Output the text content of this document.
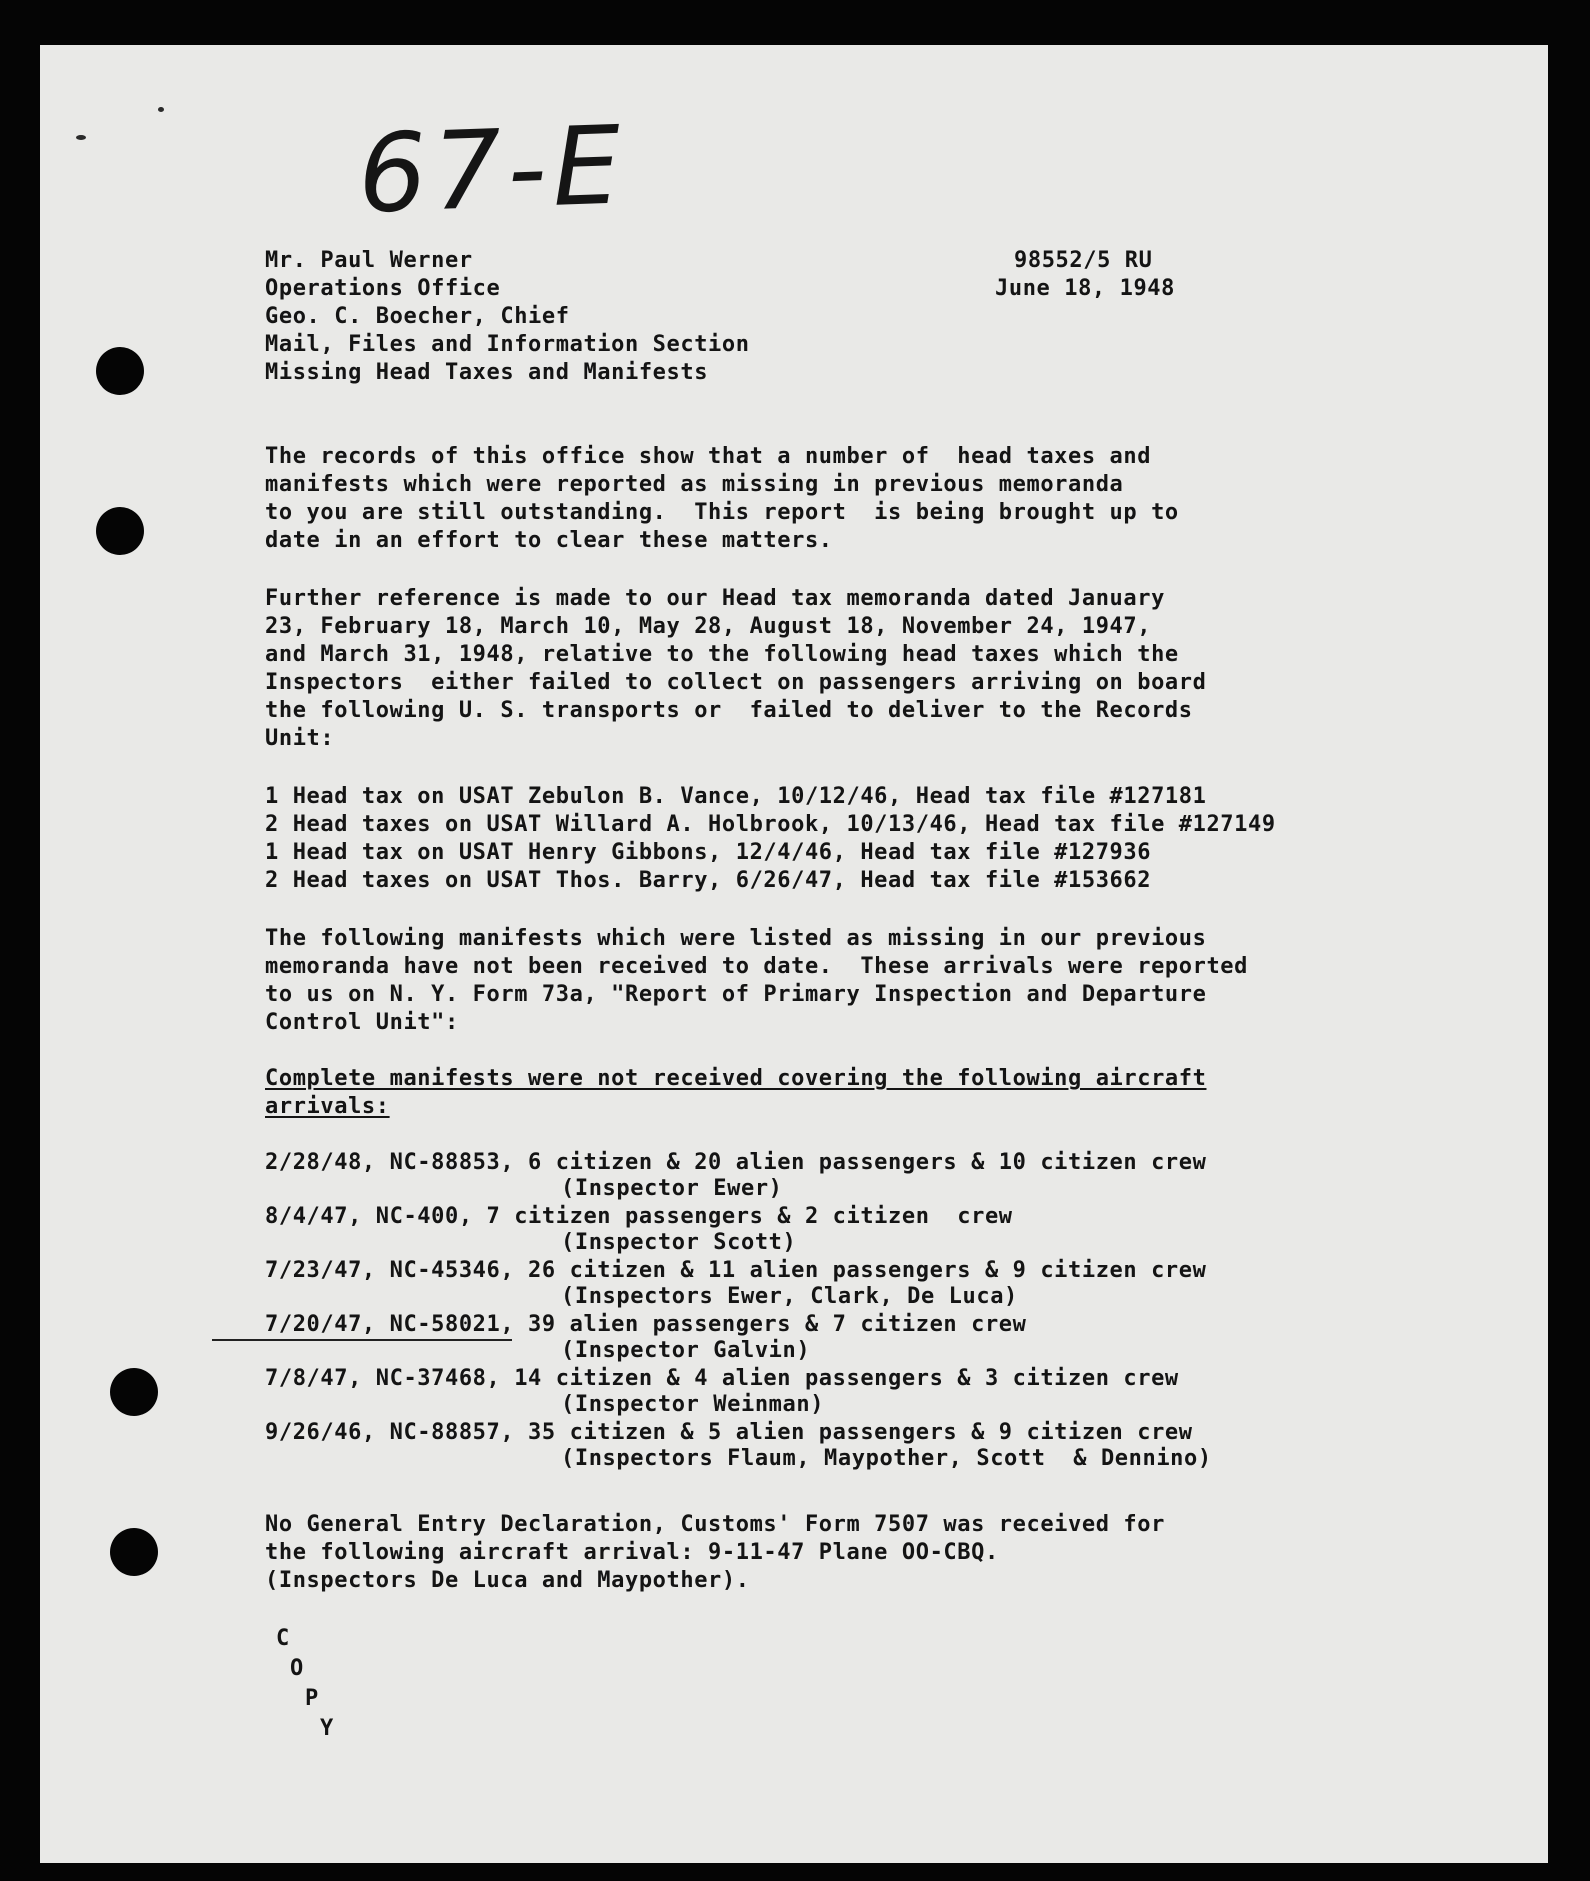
67-E
Mr. Paul Werner
Operations Office
Geo. C. Boecher, Chief
Mail, Files and Information Section
Missing Head Taxes and Manifests
98552/5 RU
June 18, 1948
The records of this office show that a number of  head taxes and
manifests which were reported as missing in previous memoranda
to you are still outstanding.  This report  is being brought up to
date in an effort to clear these matters.
Further reference is made to our Head tax memoranda dated January
23, February 18, March 10, May 28, August 18, November 24, 1947,
and March 31, 1948, relative to the following head taxes which the
Inspectors  either failed to collect on passengers arriving on board
the following U. S. transports or  failed to deliver to the Records
Unit:
1 Head tax on USAT Zebulon B. Vance, 10/12/46, Head tax file #127181
2 Head taxes on USAT Willard A. Holbrook, 10/13/46, Head tax file #127149
1 Head tax on USAT Henry Gibbons, 12/4/46, Head tax file #127936
2 Head taxes on USAT Thos. Barry, 6/26/47, Head tax file #153662
The following manifests which were listed as missing in our previous
memoranda have not been received to date.  These arrivals were reported
to us on N. Y. Form 73a, "Report of Primary Inspection and Departure
Control Unit":
Complete manifests were not received covering the following aircraft
arrivals:
2/28/48, NC-88853, 6 citizen & 20 alien passengers & 10 citizen crew
(Inspector Ewer)
8/4/47, NC-400, 7 citizen passengers & 2 citizen  crew
(Inspector Scott)
7/23/47, NC-45346, 26 citizen & 11 alien passengers & 9 citizen crew
(Inspectors Ewer, Clark, De Luca)
7/20/47, NC-58021, 39 alien passengers & 7 citizen crew
(Inspector Galvin)
7/8/47, NC-37468, 14 citizen & 4 alien passengers & 3 citizen crew
(Inspector Weinman)
9/26/46, NC-88857, 35 citizen & 5 alien passengers & 9 citizen crew
(Inspectors Flaum, Maypother, Scott  & Dennino)
No General Entry Declaration, Customs' Form 7507 was received for
the following aircraft arrival: 9-11-47 Plane OO-CBQ.
(Inspectors De Luca and Maypother).
C
O
P
Y
